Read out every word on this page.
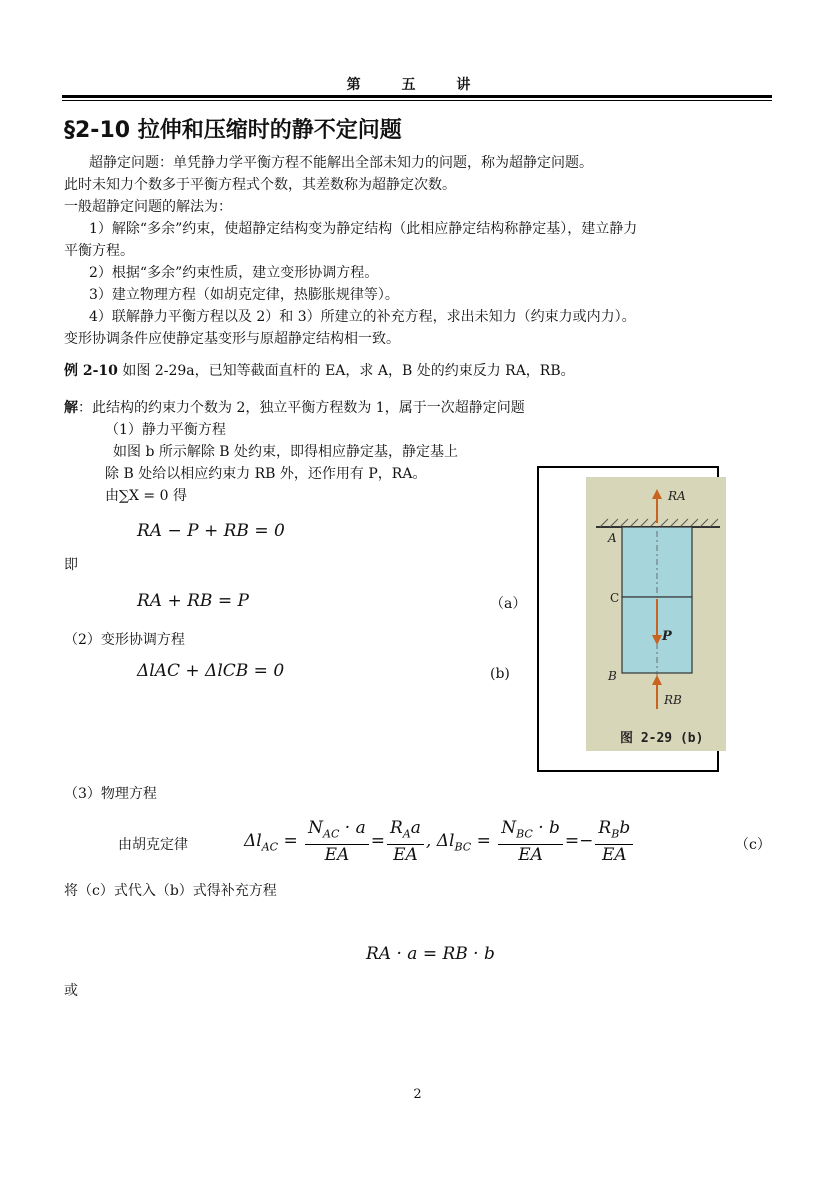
第 五 讲
§2-10 拉伸和压缩时的静不定问题
超静定问题：单凭静力学平衡方程不能解出全部未知力的问题，称为超静定问题。
此时未知力个数多于平衡方程式个数，其差数称为超静定次数。
一般超静定问题的解法为：
1）解除“多余”约束，使超静定结构变为静定结构（此相应静定结构称静定基），建立静力
平衡方程。
2）根据“多余”约束性质，建立变形协调方程。
3）建立物理方程（如胡克定律，热膨胀规律等）。
4）联解静力平衡方程以及 2）和 3）所建立的补充方程，求出未知力（约束力或内力）。
变形协调条件应使静定基变形与原超静定结构相一致。
例 2-10 如图 2-29a，已知等截面直杆的 EA，求 A，B 处的约束反力 RA，RB。
解：此结构的约束力个数为 2，独立平衡方程数为 1，属于一次超静定问题
（1）静力平衡方程
如图 b 所示解除 B 处约束，即得相应静定基，静定基上
除 B 处给以相应约束力 RB 外，还作用有 P，RA。
由∑X = 0 得
RA − P + RB = 0
即
RA + RB = P	（a）
（2）变形协调方程
ΔlAC + ΔlCB = 0	(b)
RA
A
C
P
B
RB
图 2-29 (b)
（3）物理方程
由胡克定律	$\Delta l_{AC} = \frac{N_{AC} \cdot a}{EA} = \frac{R_Aa}{EA}$ , $\Delta l_{BC} = \frac{N_{BC} \cdot b}{EA} =- \frac{R_Bb}{EA}$	（c）
将（c）式代入（b）式得补充方程
RA · a = RB · b
或
2
